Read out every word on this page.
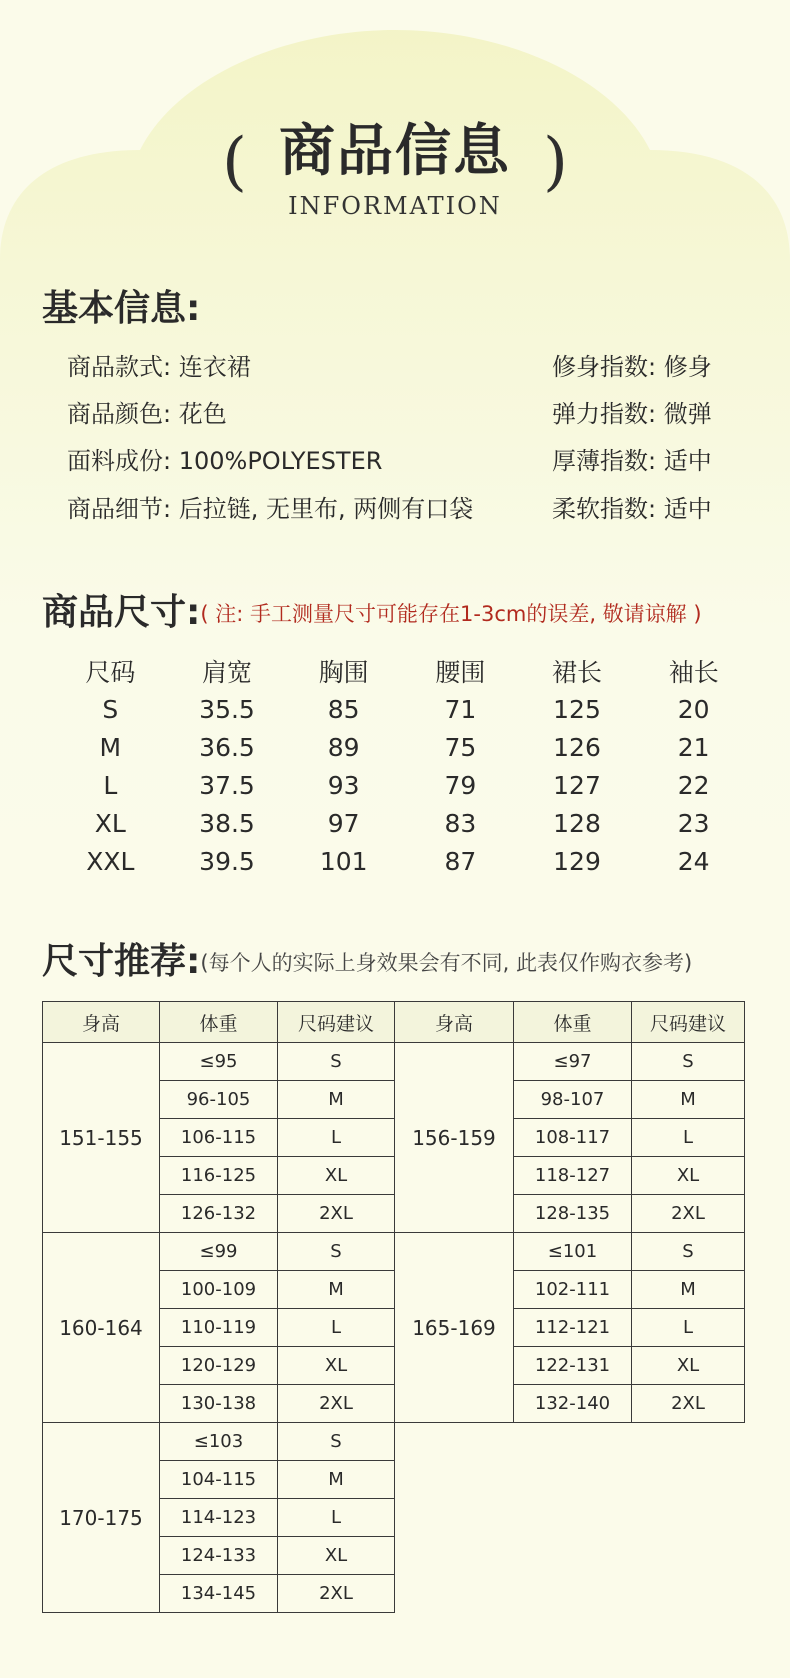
(	)
商品信息
INFORMATION
基本信息:
商品款式: 连衣裙
商品颜色: 花色
面料成份: 100%POLYESTER
商品细节: 后拉链, 无里布, 两侧有口袋
修身指数: 修身
弹力指数: 微弹
厚薄指数: 适中
柔软指数: 适中
商品尺寸:( 注: 手工测量尺寸可能存在1-3cm的误差, 敬请谅解 )
尺码	肩宽	胸围	腰围	裙长	袖长
S	35.5	85	71	125	20
M	36.5	89	75	126	21
L	37.5	93	79	127	22
XL	38.5	97	83	128	23
XXL	39.5	101	87	129	24
尺寸推荐:(每个人的实际上身效果会有不同, 此表仅作购衣参考)
身高	体重	尺码建议	身高	体重	尺码建议
151-155	≤95	S	156-159	≤97	S
	96-105	M		98-107	M
	106-115	L		108-117	L
	116-125	XL		118-127	XL
	126-132	2XL		128-135	2XL
160-164	≤99	S	165-169	≤101	S
	100-109	M		102-111	M
	110-119	L		112-121	L
	120-129	XL		122-131	XL
	130-138	2XL		132-140	2XL
170-175	≤103	S			
	104-115	M			
	114-123	L			
	124-133	XL			
	134-145	2XL			
